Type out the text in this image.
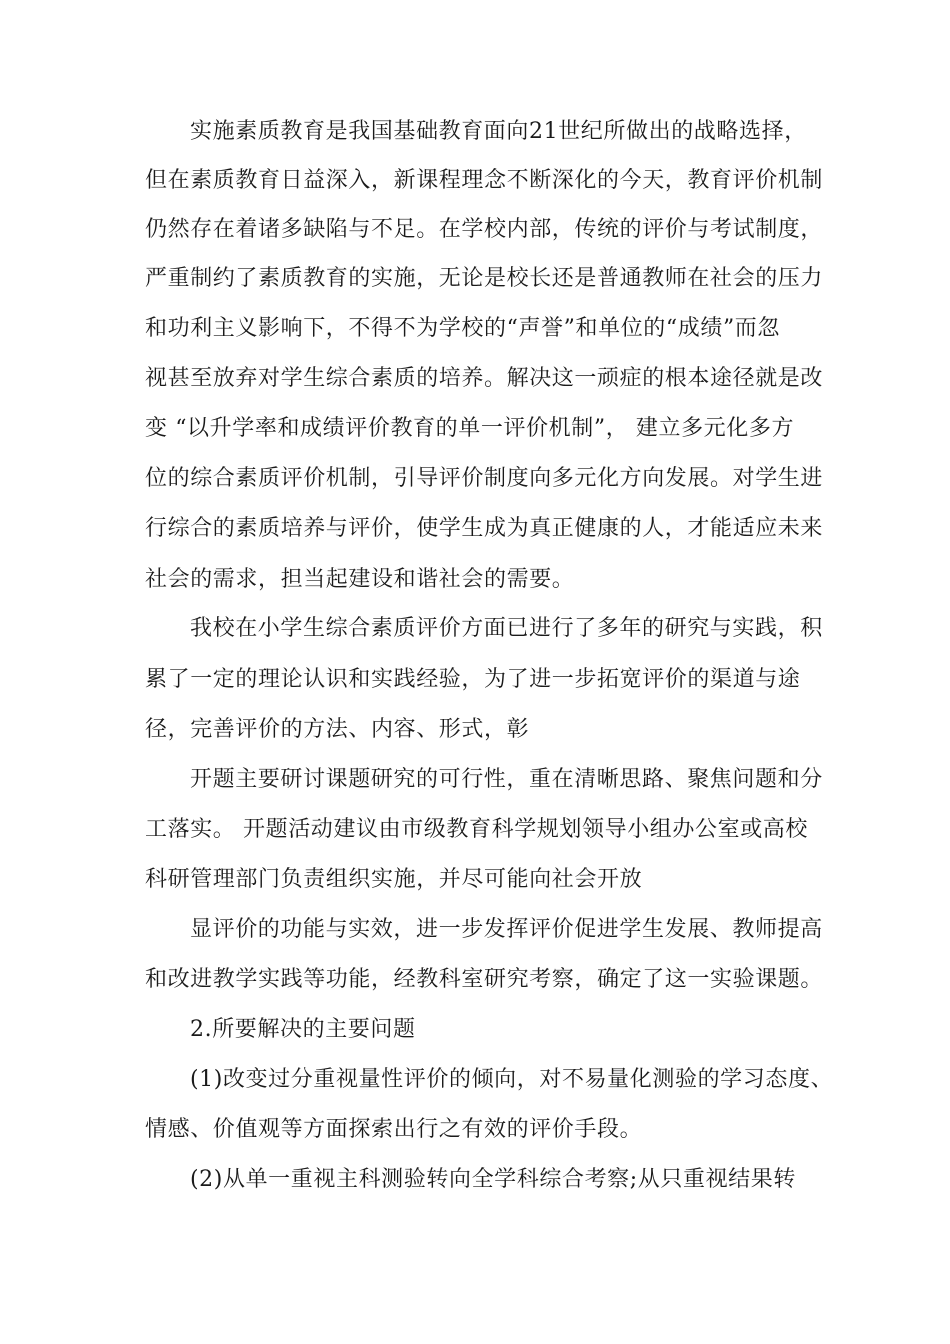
实施素质教育是我国基础教育面向21世纪所做出的战略选择，
但在素质教育日益深入，新课程理念不断深化的今天，教育评价机制
仍然存在着诸多缺陷与不足。在学校内部，传统的评价与考试制度，
严重制约了素质教育的实施，无论是校长还是普通教师在社会的压力
和功利主义影响下，不得不为学校的“声誉”和单位的“成绩”而忽
视甚至放弃对学生综合素质的培养。解决这一顽症的根本途径就是改
变 “以升学率和成绩评价教育的单一评价机制”， 建立多元化多方
位的综合素质评价机制，引导评价制度向多元化方向发展。对学生进
行综合的素质培养与评价，使学生成为真正健康的人，才能适应未来
社会的需求，担当起建设和谐社会的需要。
我校在小学生综合素质评价方面已进行了多年的研究与实践，积
累了一定的理论认识和实践经验，为了进一步拓宽评价的渠道与途
径，完善评价的方法、内容、形式，彰
开题主要研讨课题研究的可行性，重在清晰思路、聚焦问题和分
工落实。 开题活动建议由市级教育科学规划领导小组办公室或高校
科研管理部门负责组织实施，并尽可能向社会开放
显评价的功能与实效，进一步发挥评价促进学生发展、教师提高
和改进教学实践等功能，经教科室研究考察，确定了这一实验课题。
2.所要解决的主要问题
(1)改变过分重视量性评价的倾向，对不易量化测验的学习态度、
情感、价值观等方面探索出行之有效的评价手段。
(2)从单一重视主科测验转向全学科综合考察;从只重视结果转
